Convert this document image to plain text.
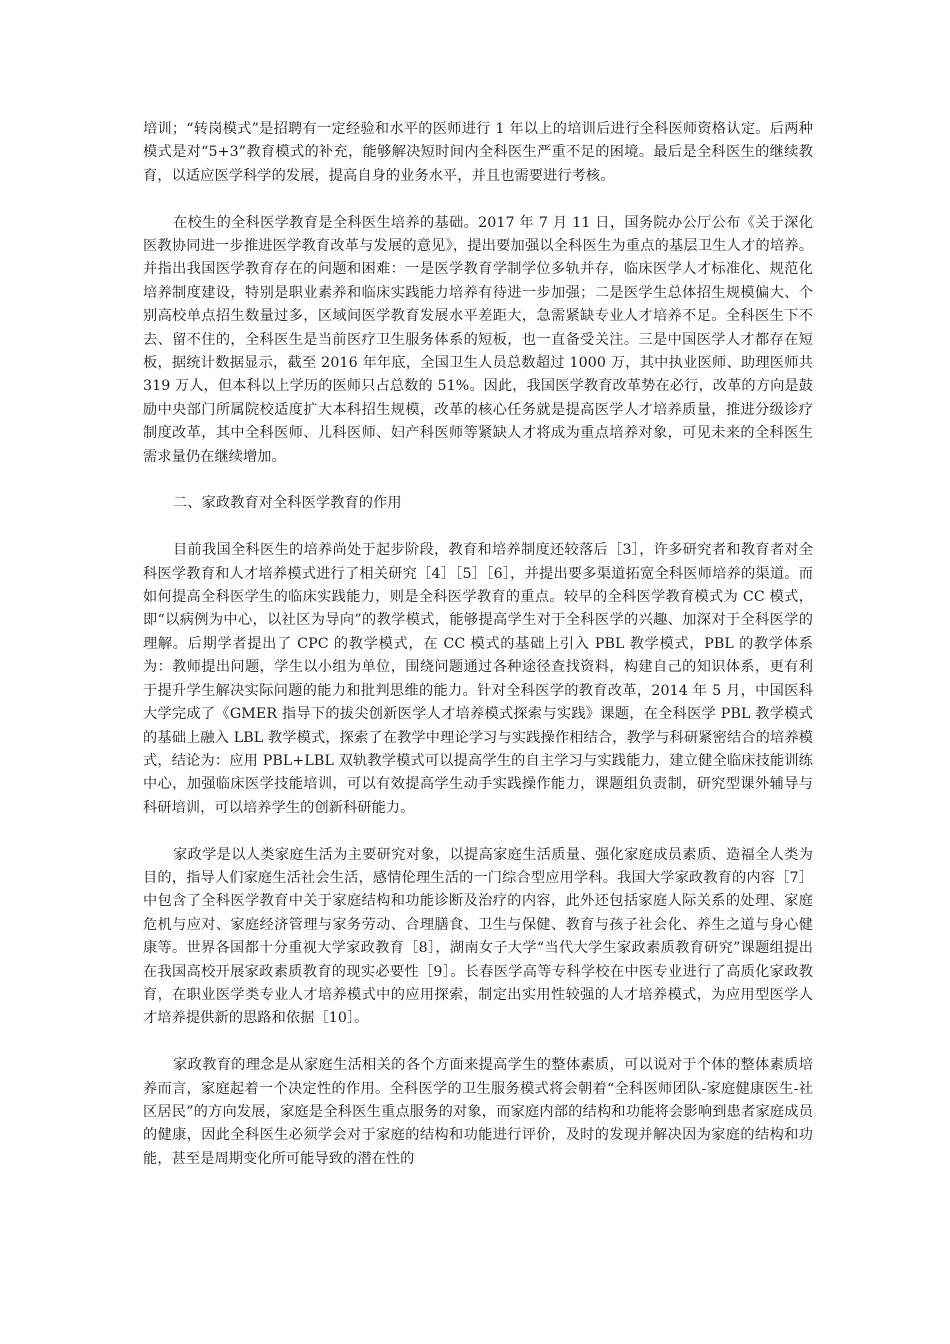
培训；“转岗模式”是招聘有一定经验和水平的医师进行 1 年以上的培训后进行全科医师资格认定。后两种模式是对“5+3”教育模式的补充，能够解决短时间内全科医生严重不足的困境。最后是全科医生的继续教育，以适应医学科学的发展，提高自身的业务水平，并且也需要进行考核。

在校生的全科医学教育是全科医生培养的基础。2017 年 7 月 11 日，国务院办公厅公布《关于深化医教协同进一步推进医学教育改革与发展的意见》，提出要加强以全科医生为重点的基层卫生人才的培养。并指出我国医学教育存在的问题和困难：一是医学教育学制学位多轨并存，临床医学人才标准化、规范化培养制度建设，特别是职业素养和临床实践能力培养有待进一步加强；二是医学生总体招生规模偏大、个别高校单点招生数量过多，区域间医学教育发展水平差距大，急需紧缺专业人才培养不足。全科医生下不去、留不住的，全科医生是当前医疗卫生服务体系的短板，也一直备受关注。三是中国医学人才都存在短板，据统计数据显示，截至 2016 年年底，全国卫生人员总数超过 1000 万，其中执业医师、助理医师共 319 万人，但本科以上学历的医师只占总数的 51%。因此，我国医学教育改革势在必行，改革的方向是鼓励中央部门所属院校适度扩大本科招生规模，改革的核心任务就是提高医学人才培养质量，推进分级诊疗制度改革，其中全科医师、儿科医师、妇产科医师等紧缺人才将成为重点培养对象，可见未来的全科医生需求量仍在继续增加。

二、家政教育对全科医学教育的作用

目前我国全科医生的培养尚处于起步阶段，教育和培养制度还较落后［3］，许多研究者和教育者对全科医学教育和人才培养模式进行了相关研究［4］［5］［6］，并提出要多渠道拓宽全科医师培养的渠道。而如何提高全科医学生的临床实践能力，则是全科医学教育的重点。较早的全科医学教育模式为 CC 模式，即“以病例为中心，以社区为导向”的教学模式，能够提高学生对于全科医学的兴趣、加深对于全科医学的理解。后期学者提出了 CPC 的教学模式，在 CC 模式的基础上引入 PBL 教学模式，PBL 的教学体系为：教师提出问题，学生以小组为单位，围绕问题通过各种途径查找资料，构建自己的知识体系，更有利于提升学生解决实际问题的能力和批判思维的能力。针对全科医学的教育改革，2014 年 5 月，中国医科大学完成了《GMER 指导下的拔尖创新医学人才培养模式探索与实践》课题，在全科医学 PBL 教学模式的基础上融入 LBL 教学模式，探索了在教学中理论学习与实践操作相结合，教学与科研紧密结合的培养模式，结论为：应用 PBL+LBL 双轨教学模式可以提高学生的自主学习与实践能力，建立健全临床技能训练中心，加强临床医学技能培训，可以有效提高学生动手实践操作能力，课题组负责制，研究型课外辅导与科研培训，可以培养学生的创新科研能力。

家政学是以人类家庭生活为主要研究对象，以提高家庭生活质量、强化家庭成员素质、造福全人类为目的，指导人们家庭生活社会生活，感情伦理生活的一门综合型应用学科。我国大学家政教育的内容［7］中包含了全科医学教育中关于家庭结构和功能诊断及治疗的内容，此外还包括家庭人际关系的处理、家庭危机与应对、家庭经济管理与家务劳动、合理膳食、卫生与保健、教育与孩子社会化、养生之道与身心健康等。世界各国都十分重视大学家政教育［8］，湖南女子大学“当代大学生家政素质教育研究”课题组提出在我国高校开展家政素质教育的现实必要性［9］。长春医学高等专科学校在中医专业进行了高质化家政教育，在职业医学类专业人才培养模式中的应用探索，制定出实用性较强的人才培养模式，为应用型医学人才培养提供新的思路和依据［10］。

家政教育的理念是从家庭生活相关的各个方面来提高学生的整体素质，可以说对于个体的整体素质培养而言，家庭起着一个决定性的作用。全科医学的卫生服务模式将会朝着“全科医师团队-家庭健康医生-社区居民”的方向发展，家庭是全科医生重点服务的对象，而家庭内部的结构和功能将会影响到患者家庭成员的健康，因此全科医生必须学会对于家庭的结构和功能进行评价，及时的发现并解决因为家庭的结构和功能，甚至是周期变化所可能导致的潜在性的
